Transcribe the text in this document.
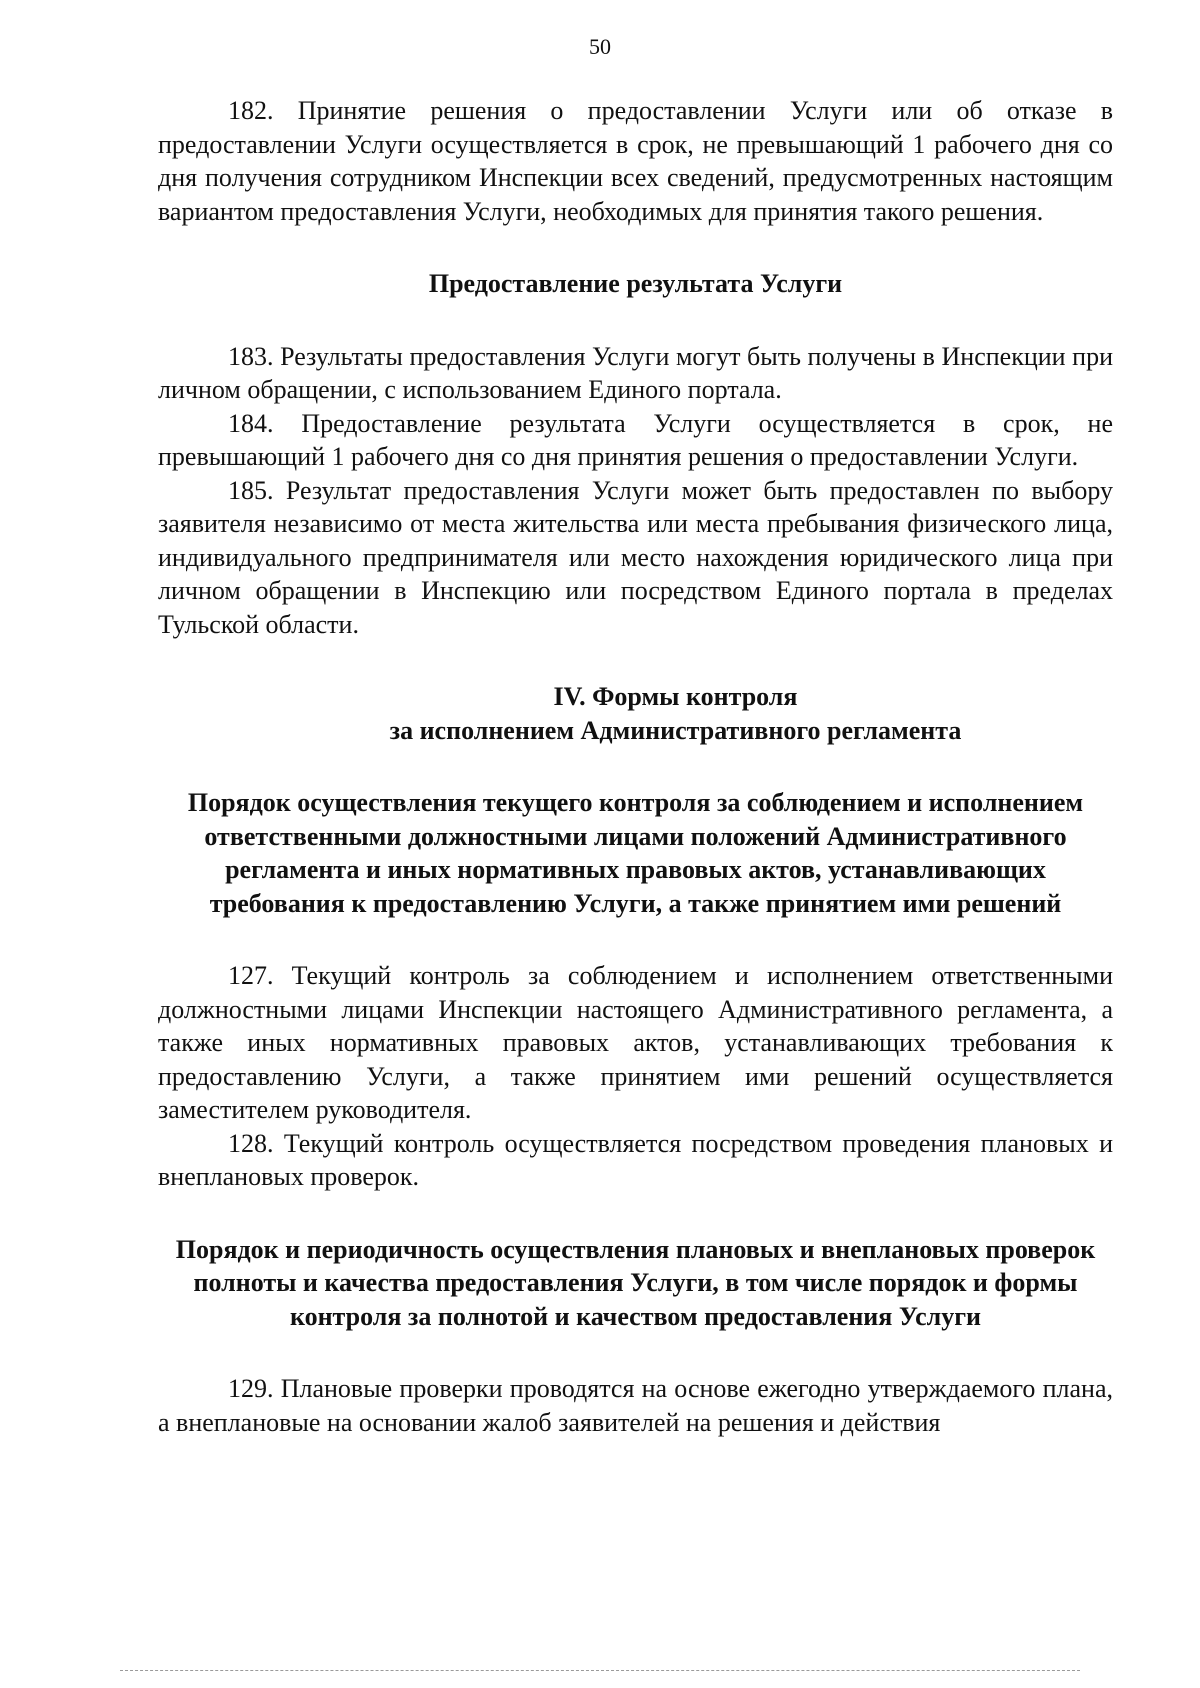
50

182. Принятие решения о предоставлении Услуги или об отказе в предоставлении Услуги осуществляется в срок, не превышающий 1 рабочего дня со дня получения сотрудником Инспекции всех сведений, предусмотренных настоящим вариантом предоставления Услуги, необходимых для принятия такого решения.

Предоставление результата Услуги

183. Результаты предоставления Услуги могут быть получены в Инспекции при личном обращении, с использованием Единого портала.

184. Предоставление результата Услуги осуществляется в срок, не превышающий 1 рабочего дня со дня принятия решения о предоставлении Услуги.

185. Результат предоставления Услуги может быть предоставлен по выбору заявителя независимо от места жительства или места пребывания физического лица, индивидуального предпринимателя или место нахождения юридического лица при личном обращении в Инспекцию или посредством Единого портала в пределах Тульской области.

IV. Формы контроля

за исполнением Административного регламента

Порядок осуществления текущего контроля за соблюдением и исполнением ответственными должностными лицами положений Административного регламента и иных нормативных правовых актов, устанавливающих требования к предоставлению Услуги, а также принятием ими решений

127. Текущий контроль за соблюдением и исполнением ответственными должностными лицами Инспекции настоящего Административного регламента, а также иных нормативных правовых актов, устанавливающих требования к предоставлению Услуги, а также принятием ими решений осуществляется заместителем руководителя.

128. Текущий контроль осуществляется посредством проведения плановых и внеплановых проверок.

Порядок и периодичность осуществления плановых и внеплановых проверок полноты и качества предоставления Услуги, в том числе порядок и формы контроля за полнотой и качеством предоставления Услуги

129. Плановые проверки проводятся на основе ежегодно утверждаемого плана, а внеплановые на основании жалоб заявителей на решения и действия
